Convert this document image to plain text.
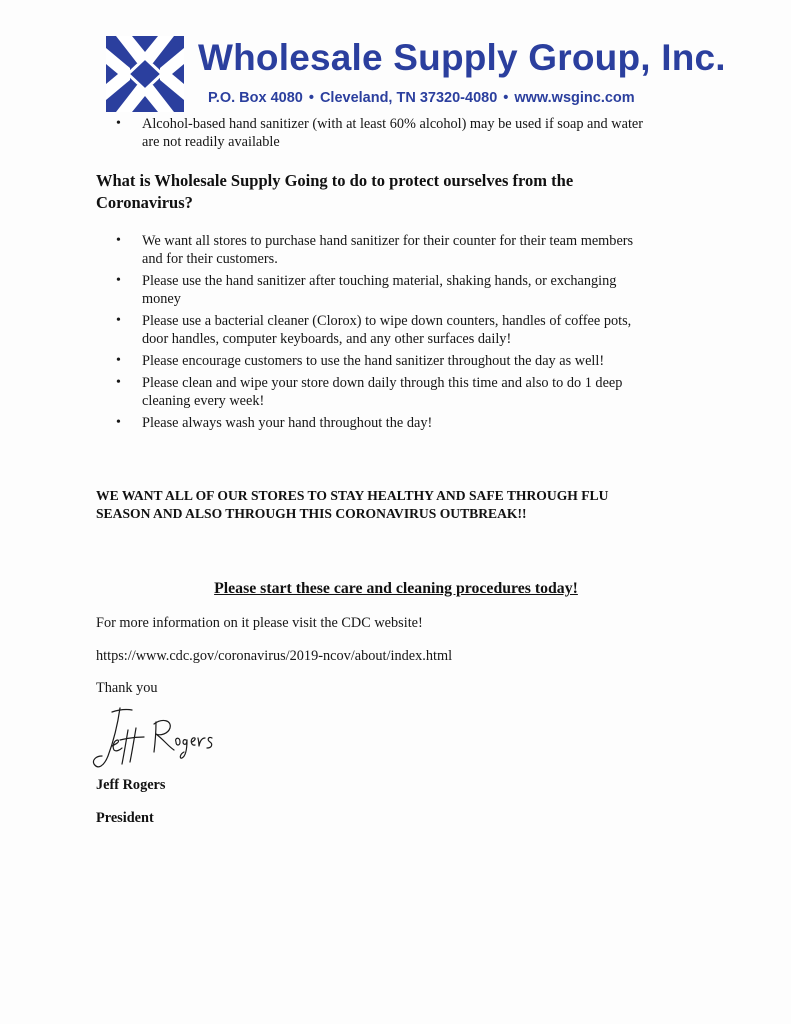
Wholesale Supply Group, Inc.
P.O. Box 4080 • Cleveland, TN 37320-4080 • www.wsginc.com
• Alcohol-based hand sanitizer (with at least 60% alcohol) may be used if soap and water
are not readily available
What is Wholesale Supply Going to do to protect ourselves from the
Coronavirus?
• We want all stores to purchase hand sanitizer for their counter for their team members
and for their customers.
• Please use the hand sanitizer after touching material, shaking hands, or exchanging
money
• Please use a bacterial cleaner (Clorox) to wipe down counters, handles of coffee pots,
door handles, computer keyboards, and any other surfaces daily!
• Please encourage customers to use the hand sanitizer throughout the day as well!
• Please clean and wipe your store down daily through this time and also to do 1 deep
cleaning every week!
• Please always wash your hand throughout the day!
WE WANT ALL OF OUR STORES TO STAY HEALTHY AND SAFE THROUGH FLU
SEASON AND ALSO THROUGH THIS CORONAVIRUS OUTBREAK!!
Please start these care and cleaning procedures today!
For more information on it please visit the CDC website!
https://www.cdc.gov/coronavirus/2019-ncov/about/index.html
Thank you
Jeff Rogers
President
